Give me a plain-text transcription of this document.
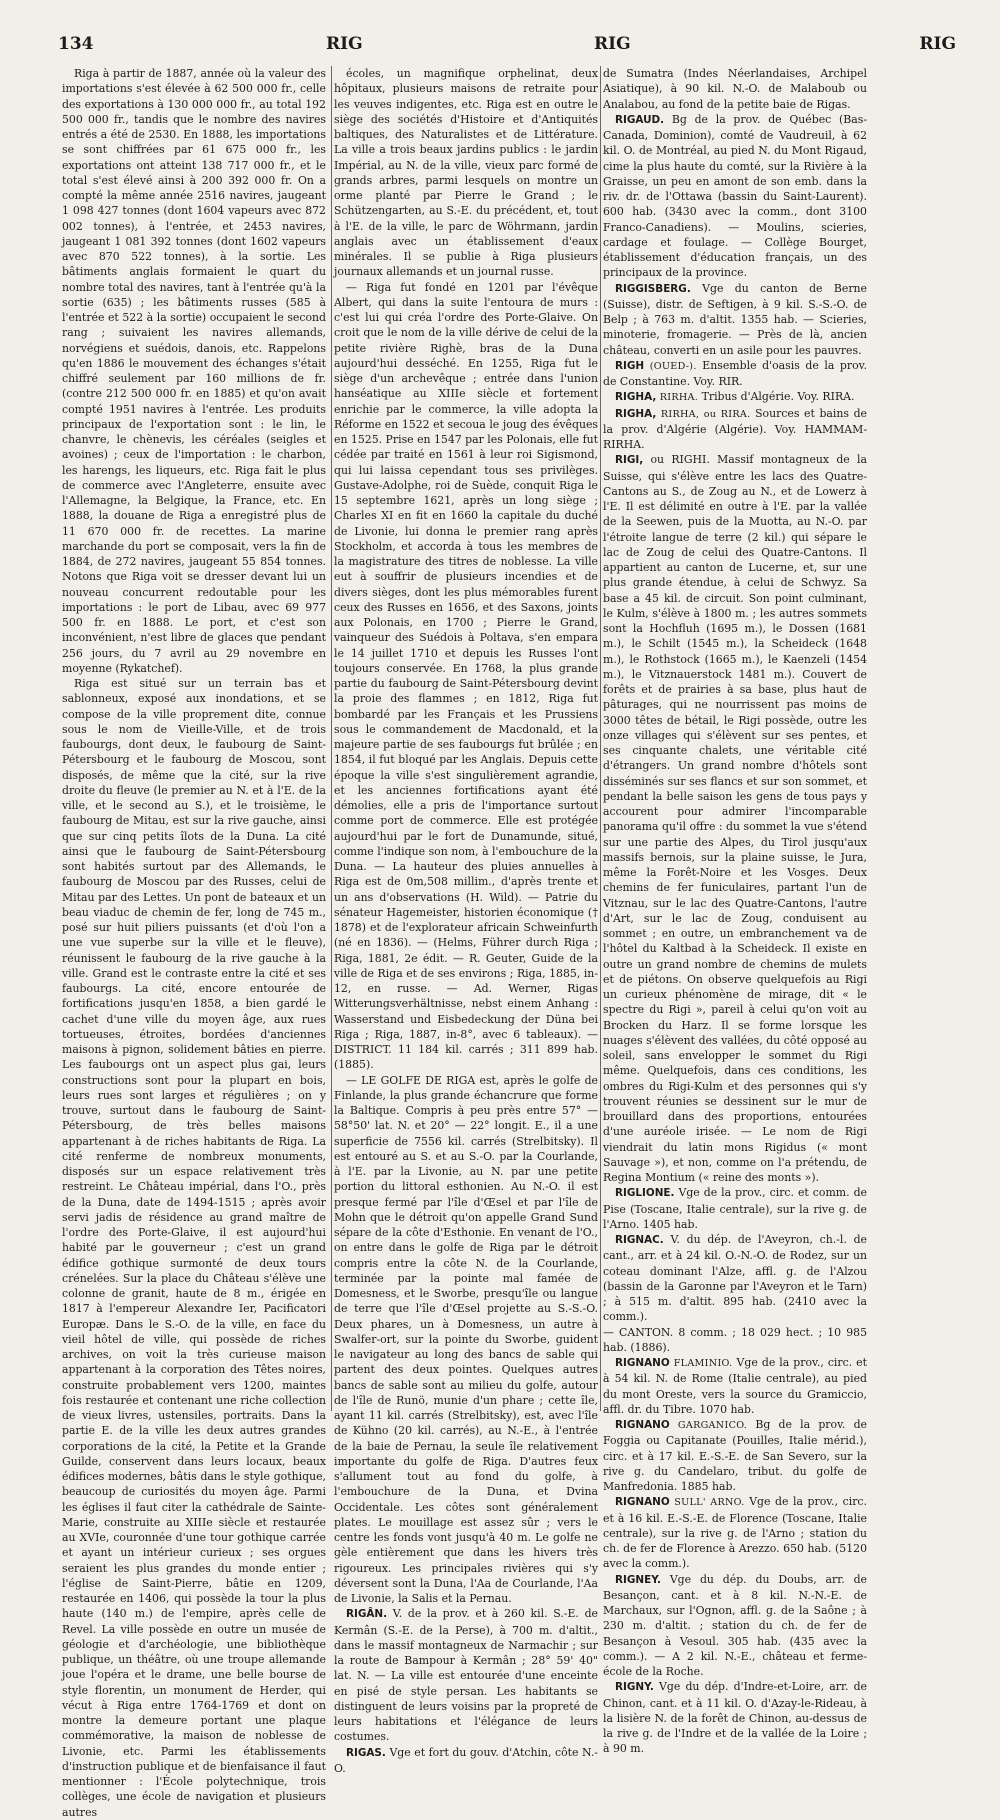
134	RIG	RIG	RIG

Riga à partir de 1887, année où la valeur des importations s'est élevée à 62 500 000 fr., celle des exportations à 130 000 000 fr., au total 192 500 000 fr., tandis que le nombre des navires entrés a été de 2530. En 1888, les importations se sont chiffrées par 61 675 000 fr., les exportations ont atteint 138 717 000 fr., et le total s'est élevé ainsi à 200 392 000 fr. On a compté la même année 2516 navires, jaugeant 1 098 427 tonnes (dont 1604 vapeurs avec 872 002 tonnes), à l'entrée, et 2453 navires, jaugeant 1 081 392 tonnes (dont 1602 vapeurs avec 870 522 tonnes), à la sortie. Les bâtiments anglais formaient le quart du nombre total des navires, tant à l'entrée qu'à la sortie (635) ; les bâtiments russes (585 à l'entrée et 522 à la sortie) occupaient le second rang ; suivaient les navires allemands, norvégiens et suédois, danois, etc. Rappelons qu'en 1886 le mouvement des échanges s'était chiffré seulement par 160 millions de fr. (contre 212 500 000 fr. en 1885) et qu'on avait compté 1951 navires à l'entrée. Les produits principaux de l'exportation sont : le lin, le chanvre, le chènevis, les céréales (seigles et avoines) ; ceux de l'importation : le charbon, les harengs, les liqueurs, etc. Riga fait le plus de commerce avec l'Angleterre, ensuite avec l'Allemagne, la Belgique, la France, etc. En 1888, la douane de Riga a enregistré plus de 11 670 000 fr. de recettes. La marine marchande du port se composait, vers la fin de 1884, de 272 navires, jaugeant 55 854 tonnes. Notons que Riga voit se dresser devant lui un nouveau concurrent redoutable pour les importations : le port de Libau, avec 69 977 500 fr. en 1888. Le port, et c'est son inconvénient, n'est libre de glaces que pendant 256 jours, du 7 avril au 29 novembre en moyenne (Rykatchef).

Riga est situé sur un terrain bas et sablonneux, exposé aux inondations, et se compose de la ville proprement dite, connue sous le nom de Vieille-Ville, et de trois faubourgs, dont deux, le faubourg de Saint-Pétersbourg et le faubourg de Moscou, sont disposés, de même que la cité, sur la rive droite du fleuve (le premier au N. et à l'E. de la ville, et le second au S.), et le troisième, le faubourg de Mitau, est sur la rive gauche, ainsi que sur cinq petits îlots de la Duna. La cité ainsi que le faubourg de Saint-Pétersbourg sont habités surtout par des Allemands, le faubourg de Moscou par des Russes, celui de Mitau par des Lettes. Un pont de bateaux et un beau viaduc de chemin de fer, long de 745 m., posé sur huit piliers puissants (et d'où l'on a une vue superbe sur la ville et le fleuve), réunissent le faubourg de la rive gauche à la ville. Grand est le contraste entre la cité et ses faubourgs. La cité, encore entourée de fortifications jusqu'en 1858, a bien gardé le cachet d'une ville du moyen âge, aux rues tortueuses, étroites, bordées d'anciennes maisons à pignon, solidement bâties en pierre. Les faubourgs ont un aspect plus gai, leurs constructions sont pour la plupart en bois, leurs rues sont larges et régulières ; on y trouve, surtout dans le faubourg de Saint-Pétersbourg, de très belles maisons appartenant à de riches habitants de Riga. La cité renferme de nombreux monuments, disposés sur un espace relativement très restreint. Le Château impérial, dans l'O., près de la Duna, date de 1494-1515 ; après avoir servi jadis de résidence au grand maître de l'ordre des Porte-Glaive, il est aujourd'hui habité par le gouverneur ; c'est un grand édifice gothique surmonté de deux tours crénelées. Sur la place du Château s'élève une colonne de granit, haute de 8 m., érigée en 1817 à l'empereur Alexandre Ier, Pacificatori Europæ. Dans le S.-O. de la ville, en face du vieil hôtel de ville, qui possède de riches archives, on voit la très curieuse maison appartenant à la corporation des Têtes noires, construite probablement vers 1200, maintes fois restaurée et contenant une riche collection de vieux livres, ustensiles, portraits. Dans la partie E. de la ville les deux autres grandes corporations de la cité, la Petite et la Grande Guilde, conservent dans leurs locaux, beaux édifices modernes, bâtis dans le style gothique, beaucoup de curiosités du moyen âge. Parmi les églises il faut citer la cathédrale de Sainte-Marie, construite au XIIIe siècle et restaurée au XVIe, couronnée d'une tour gothique carrée et ayant un intérieur curieux ; ses orgues seraient les plus grandes du monde entier ; l'église de Saint-Pierre, bâtie en 1209, restaurée en 1406, qui possède la tour la plus haute (140 m.) de l'empire, après celle de Revel. La ville possède en outre un musée de géologie et d'archéologie, une bibliothèque publique, un théâtre, où une troupe allemande joue l'opéra et le drame, une belle bourse de style florentin, un monument de Herder, qui vécut à Riga entre 1764-1769 et dont on montre la demeure portant une plaque commémorative, la maison de noblesse de Livonie, etc. Parmi les établissements d'instruction publique et de bienfaisance il faut mentionner : l'École polytechnique, trois collèges, une école de navigation et plusieurs autres

écoles, un magnifique orphelinat, deux hôpitaux, plusieurs maisons de retraite pour les veuves indigentes, etc. Riga est en outre le siège des sociétés d'Histoire et d'Antiquités baltiques, des Naturalistes et de Littérature. La ville a trois beaux jardins publics : le jardin Impérial, au N. de la ville, vieux parc formé de grands arbres, parmi lesquels on montre un orme planté par Pierre le Grand ; le Schützengarten, au S.-E. du précédent, et, tout à l'E. de la ville, le parc de Wöhrmann, jardin anglais avec un établissement d'eaux minérales. Il se publie à Riga plusieurs journaux allemands et un journal russe.

— Riga fut fondé en 1201 par l'évêque Albert, qui dans la suite l'entoura de murs : c'est lui qui créa l'ordre des Porte-Glaive. On croit que le nom de la ville dérive de celui de la petite rivière Righè, bras de la Duna aujourd'hui desséché. En 1255, Riga fut le siège d'un archevêque ; entrée dans l'union hanséatique au XIIIe siècle et fortement enrichie par le commerce, la ville adopta la Réforme en 1522 et secoua le joug des évêques en 1525. Prise en 1547 par les Polonais, elle fut cédée par traité en 1561 à leur roi Sigismond, qui lui laissa cependant tous ses privilèges. Gustave-Adolphe, roi de Suède, conquit Riga le 15 septembre 1621, après un long siège ; Charles XI en fit en 1660 la capitale du duché de Livonie, lui donna le premier rang après Stockholm, et accorda à tous les membres de la magistrature des titres de noblesse. La ville eut à souffrir de plusieurs incendies et de divers sièges, dont les plus mémorables furent ceux des Russes en 1656, et des Saxons, joints aux Polonais, en 1700 ; Pierre le Grand, vainqueur des Suédois à Poltava, s'en empara le 14 juillet 1710 et depuis les Russes l'ont toujours conservée. En 1768, la plus grande partie du faubourg de Saint-Pétersbourg devint la proie des flammes ; en 1812, Riga fut bombardé par les Français et les Prussiens sous le commandement de Macdonald, et la majeure partie de ses faubourgs fut brûlée ; en 1854, il fut bloqué par les Anglais. Depuis cette époque la ville s'est singulièrement agrandie, et les anciennes fortifications ayant été démolies, elle a pris de l'importance surtout comme port de commerce. Elle est protégée aujourd'hui par le fort de Dunamunde, situé, comme l'indique son nom, à l'embouchure de la Duna. — La hauteur des pluies annuelles à Riga est de 0m,508 millim., d'après trente et un ans d'observations (H. Wild). — Patrie du sénateur Hagemeister, historien économique († 1878) et de l'explorateur africain Schweinfurth (né en 1836). — (Helms, Führer durch Riga ; Riga, 1881, 2e édit. — R. Geuter, Guide de la ville de Riga et de ses environs ; Riga, 1885, in-12, en russe. — Ad. Werner, Rigas Witterungsverhältnisse, nebst einem Anhang : Wasserstand und Eisbedeckung der Düna bei Riga ; Riga, 1887, in-8°, avec 6 tableaux). — DISTRICT. 11 184 kil. carrés ; 311 899 hab. (1885).

— LE GOLFE DE RIGA est, après le golfe de Finlande, la plus grande échancrure que forme la Baltique. Compris à peu près entre 57° — 58°50' lat. N. et 20° — 22° longit. E., il a une superficie de 7556 kil. carrés (Strelbitsky). Il est entouré au S. et au S.-O. par la Courlande, à l'E. par la Livonie, au N. par une petite portion du littoral esthonien. Au N.-O. il est presque fermé par l'île d'Œsel et par l'île de Mohn que le détroit qu'on appelle Grand Sund sépare de la côte d'Esthonie. En venant de l'O., on entre dans le golfe de Riga par le détroit compris entre la côte N. de la Courlande, terminée par la pointe mal famée de Domesness, et le Sworbe, presqu'île ou langue de terre que l'île d'Œsel projette au S.-S.-O. Deux phares, un à Domesness, un autre à Swalfer-ort, sur la pointe du Sworbe, guident le navigateur au long des bancs de sable qui partent des deux pointes. Quelques autres bancs de sable sont au milieu du golfe, autour de l'île de Runö, munie d'un phare ; cette île, ayant 11 kil. carrés (Strelbitsky), est, avec l'île de Kühno (20 kil. carrés), au N.-E., à l'entrée de la baie de Pernau, la seule île relativement importante du golfe de Riga. D'autres feux s'allument tout au fond du golfe, à l'embouchure de la Duna, et Dvina Occidentale. Les côtes sont généralement plates. Le mouillage est assez sûr ; vers le centre les fonds vont jusqu'à 40 m. Le golfe ne gèle entièrement que dans les hivers très rigoureux. Les principales rivières qui s'y déversent sont la Duna, l'Aa de Courlande, l'Aa de Livonie, la Salis et la Pernau.

RIGÂN. V. de la prov. et à 260 kil. S.-E. de Kermân (S.-E. de la Perse), à 700 m. d'altit., dans le massif montagneux de Narmachir ; sur la route de Bampour à Kermân ; 28° 59' 40" lat. N. — La ville est entourée d'une enceinte en pisé de style persan. Les habitants se distinguent de leurs voisins par la propreté de leurs habitations et l'élégance de leurs costumes.

RIGAS. Vge et fort du gouv. d'Atchin, côte N.-O.

de Sumatra (Indes Néerlandaises, Archipel Asiatique), à 90 kil. N.-O. de Malaboub ou Analabou, au fond de la petite baie de Rigas.

RIGAUD. Bg de la prov. de Québec (Bas-Canada, Dominion), comté de Vaudreuil, à 62 kil. O. de Montréal, au pied N. du Mont Rigaud, cime la plus haute du comté, sur la Rivière à la Graisse, un peu en amont de son emb. dans la riv. dr. de l'Ottawa (bassin du Saint-Laurent). 600 hab. (3430 avec la comm., dont 3100 Franco-Canadiens). — Moulins, scieries, cardage et foulage. — Collège Bourget, établissement d'éducation français, un des principaux de la province.

RIGGISBERG. Vge du canton de Berne (Suisse), distr. de Seftigen, à 9 kil. S.-S.-O. de Belp ; à 763 m. d'altit. 1355 hab. — Scieries, minoterie, fromagerie. — Près de là, ancien château, converti en un asile pour les pauvres.

RIGH (OUED-). Ensemble d'oasis de la prov. de Constantine. Voy. RIR.

RIGHA, RIRHA. Tribus d'Algérie. Voy. RIRA.

RIGHA, RIRHA, ou RIRA. Sources et bains de la prov. d'Algérie (Algérie). Voy. HAMMAM-RIRHA.

RIGI, ou RIGHI. Massif montagneux de la Suisse, qui s'élève entre les lacs des Quatre-Cantons au S., de Zoug au N., et de Lowerz à l'E. Il est délimité en outre à l'E. par la vallée de la Seewen, puis de la Muotta, au N.-O. par l'étroite langue de terre (2 kil.) qui sépare le lac de Zoug de celui des Quatre-Cantons. Il appartient au canton de Lucerne, et, sur une plus grande étendue, à celui de Schwyz. Sa base a 45 kil. de circuit. Son point culminant, le Kulm, s'élève à 1800 m. ; les autres sommets sont la Hochfluh (1695 m.), le Dossen (1681 m.), le Schilt (1545 m.), la Scheideck (1648 m.), le Rothstock (1665 m.), le Kaenzeli (1454 m.), le Vitznauerstock 1481 m.). Couvert de forêts et de prairies à sa base, plus haut de pâturages, qui ne nourrissent pas moins de 3000 têtes de bétail, le Rigi possède, outre les onze villages qui s'élèvent sur ses pentes, et ses cinquante chalets, une véritable cité d'étrangers. Un grand nombre d'hôtels sont disséminés sur ses flancs et sur son sommet, et pendant la belle saison les gens de tous pays y accourent pour admirer l'incomparable panorama qu'il offre : du sommet la vue s'étend sur une partie des Alpes, du Tirol jusqu'aux massifs bernois, sur la plaine suisse, le Jura, même la Forêt-Noire et les Vosges. Deux chemins de fer funiculaires, partant l'un de Vitznau, sur le lac des Quatre-Cantons, l'autre d'Art, sur le lac de Zoug, conduisent au sommet ; en outre, un embranchement va de l'hôtel du Kaltbad à la Scheideck. Il existe en outre un grand nombre de chemins de mulets et de piétons. On observe quelquefois au Rigi un curieux phénomène de mirage, dit « le spectre du Rigi », pareil à celui qu'on voit au Brocken du Harz. Il se forme lorsque les nuages s'élèvent des vallées, du côté opposé au soleil, sans envelopper le sommet du Rigi même. Quelquefois, dans ces conditions, les ombres du Rigi-Kulm et des personnes qui s'y trouvent réunies se dessinent sur le mur de brouillard dans des proportions, entourées d'une auréole irisée. — Le nom de Rigi viendrait du latin mons Rigidus (« mont Sauvage »), et non, comme on l'a prétendu, de Regina Montium (« reine des monts »).

RIGLIONE. Vge de la prov., circ. et comm. de Pise (Toscane, Italie centrale), sur la rive g. de l'Arno. 1405 hab.

RIGNAC. V. du dép. de l'Aveyron, ch.-l. de cant., arr. et à 24 kil. O.-N.-O. de Rodez, sur un coteau dominant l'Alze, affl. g. de l'Alzou (bassin de la Garonne par l'Aveyron et le Tarn) ; à 515 m. d'altit. 895 hab. (2410 avec la comm.).

— CANTON. 8 comm. ; 18 029 hect. ; 10 985 hab. (1886).

RIGNANO FLAMINIO. Vge de la prov., circ. et à 54 kil. N. de Rome (Italie centrale), au pied du mont Oreste, vers la source du Gramiccio, affl. dr. du Tibre. 1070 hab.

RIGNANO GARGANICO. Bg de la prov. de Foggia ou Capitanate (Pouilles, Italie mérid.), circ. et à 17 kil. E.-S.-E. de San Severo, sur la rive g. du Candelaro, tribut. du golfe de Manfredonia. 1885 hab.

RIGNANO SULL' ARNO. Vge de la prov., circ. et à 16 kil. E.-S.-E. de Florence (Toscane, Italie centrale), sur la rive g. de l'Arno ; station du ch. de fer de Florence à Arezzo. 650 hab. (5120 avec la comm.).

RIGNEY. Vge du dép. du Doubs, arr. de Besançon, cant. et à 8 kil. N.-N.-E. de Marchaux, sur l'Ognon, affl. g. de la Saône ; à 230 m. d'altit. ; station du ch. de fer de Besançon à Vesoul. 305 hab. (435 avec la comm.). — A 2 kil. N.-E., château et ferme-école de la Roche.

RIGNY. Vge du dép. d'Indre-et-Loire, arr. de Chinon, cant. et à 11 kil. O. d'Azay-le-Rideau, à la lisière N. de la forêt de Chinon, au-dessus de la rive g. de l'Indre et de la vallée de la Loire ; à 90 m.
